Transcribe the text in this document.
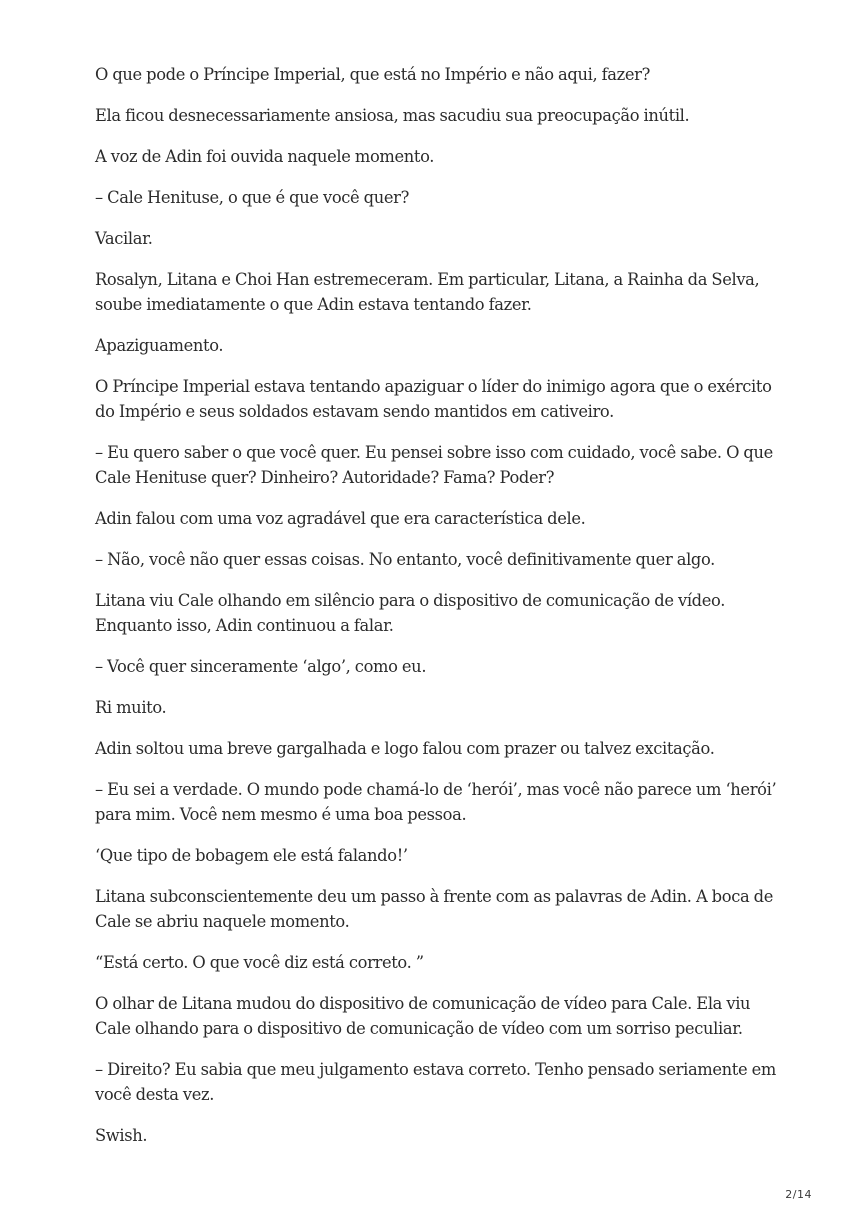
O que pode o Príncipe Imperial, que está no Império e não aqui, fazer?

Ela ficou desnecessariamente ansiosa, mas sacudiu sua preocupação inútil.

A voz de Adin foi ouvida naquele momento.

– Cale Henituse, o que é que você quer?

Vacilar.

Rosalyn, Litana e Choi Han estremeceram. Em particular, Litana, a Rainha da Selva, soube imediatamente o que Adin estava tentando fazer.

Apaziguamento.

O Príncipe Imperial estava tentando apaziguar o líder do inimigo agora que o exército do Império e seus soldados estavam sendo mantidos em cativeiro.

– Eu quero saber o que você quer. Eu pensei sobre isso com cuidado, você sabe. O que Cale Henituse quer? Dinheiro? Autoridade? Fama? Poder?

Adin falou com uma voz agradável que era característica dele.

– Não, você não quer essas coisas. No entanto, você definitivamente quer algo.

Litana viu Cale olhando em silêncio para o dispositivo de comunicação de vídeo. Enquanto isso, Adin continuou a falar.

– Você quer sinceramente ‘algo’, como eu.

Ri muito.

Adin soltou uma breve gargalhada e logo falou com prazer ou talvez excitação.

– Eu sei a verdade. O mundo pode chamá-lo de ‘herói’, mas você não parece um ‘herói’ para mim. Você nem mesmo é uma boa pessoa.

‘Que tipo de bobagem ele está falando!’

Litana subconscientemente deu um passo à frente com as palavras de Adin. A boca de Cale se abriu naquele momento.

“Está certo. O que você diz está correto. ”

O olhar de Litana mudou do dispositivo de comunicação de vídeo para Cale. Ela viu Cale olhando para o dispositivo de comunicação de vídeo com um sorriso peculiar.

– Direito? Eu sabia que meu julgamento estava correto. Tenho pensado seriamente em você desta vez.

Swish.

2/14
